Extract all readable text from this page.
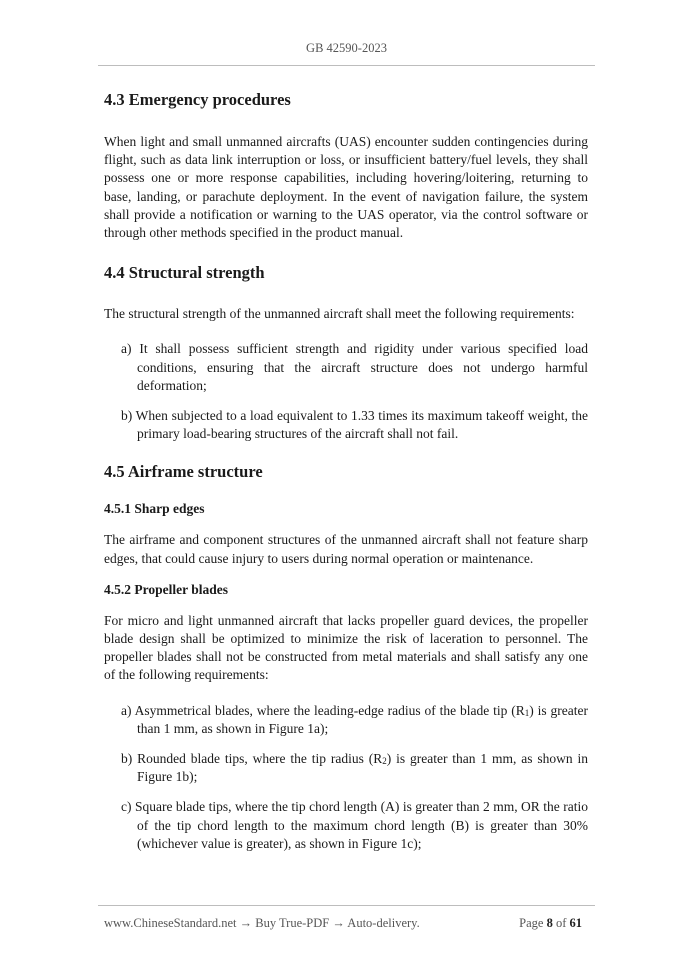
GB 42590-2023
4.3 Emergency procedures

When light and small unmanned aircrafts (UAS) encounter sudden contingencies during flight, such as data link interruption or loss, or insufficient battery/fuel levels, they shall possess one or more response capabilities, including hovering/loitering, returning to base, landing, or parachute deployment. In the event of navigation failure, the system shall provide a notification or warning to the UAS operator, via the control software or through other methods specified in the product manual.

4.4 Structural strength

The structural strength of the unmanned aircraft shall meet the following requirements:

a) It shall possess sufficient strength and rigidity under various specified load conditions, ensuring that the aircraft structure does not undergo harmful deformation;
b) When subjected to a load equivalent to 1.33 times its maximum takeoff weight, the primary load-bearing structures of the aircraft shall not fail.
4.5 Airframe structure
4.5.1 Sharp edges

The airframe and component structures of the unmanned aircraft shall not feature sharp edges, that could cause injury to users during normal operation or maintenance.

4.5.2 Propeller blades

For micro and light unmanned aircraft that lacks propeller guard devices, the propeller blade design shall be optimized to minimize the risk of laceration to personnel. The propeller blades shall not be constructed from metal materials and shall satisfy any one of the following requirements:

a) Asymmetrical blades, where the leading-edge radius of the blade tip $(R_1)$ is greater than 1 mm, as shown in Figure 1a);
b) Rounded blade tips, where the tip radius $(R_2)$ is greater than 1 mm, as shown in Figure 1b);
c) Square blade tips, where the tip chord length (A) is greater than 2 mm, OR the ratio of the tip chord length to the maximum chord length (B) is greater than 30% (whichever value is greater), as shown in Figure 1c);
www.ChineseStandard.net → Buy True-PDF → Auto-delivery.	Page 8 of 61
